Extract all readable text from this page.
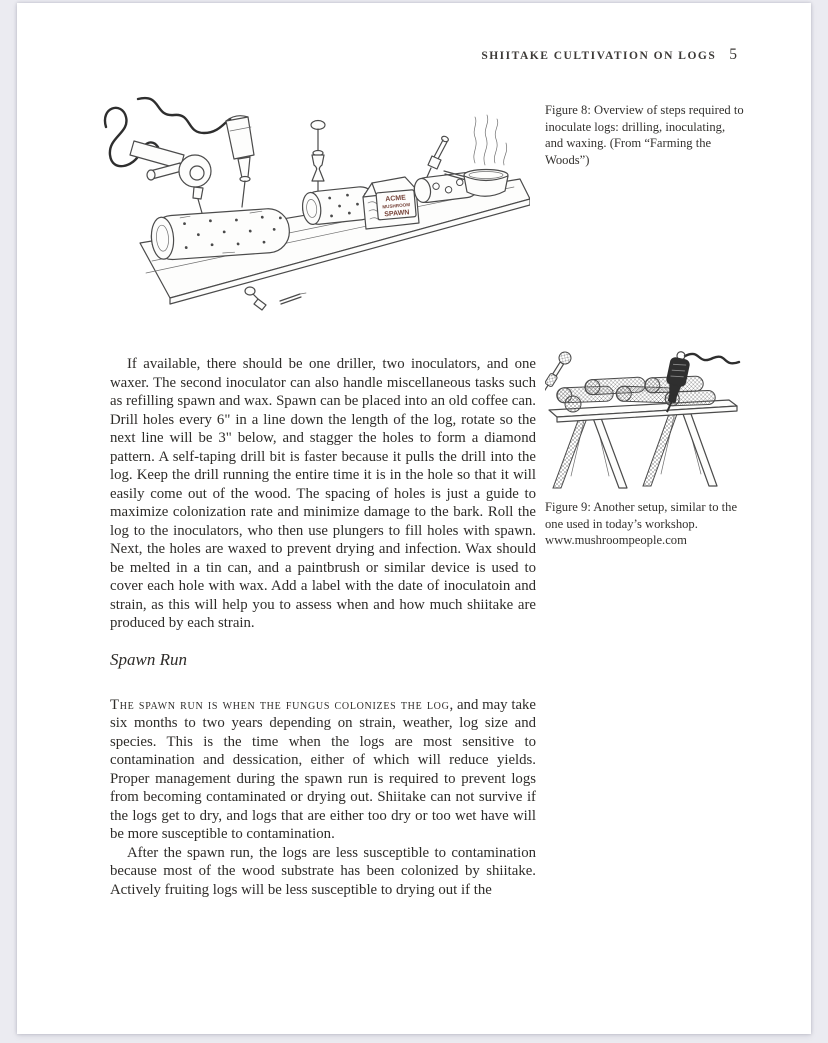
SHIITAKE CULTIVATION ON LOGS 5
ACME
MUSHROOM
SPAWN
Figure 8: Overview of steps required to inoculate logs: drilling, inoculating, and waxing. (From “Farming the Woods”)

If available, there should be one driller, two inoculators, and one waxer. The second inoculator can also handle miscellaneous tasks such as refilling spawn and wax. Spawn can be placed into an old coffee can. Drill holes every 6" in a line down the length of the log, rotate so the next line will be 3" below, and stagger the holes to form a diamond pattern. A self-taping drill bit is faster because it pulls the drill into the log. Keep the drill running the entire time it is in the hole so that it will easily come out of the wood. The spacing of holes is just a guide to maximize colonization rate and minimize damage to the bark. Roll the log to the inoculators, who then use plungers to fill holes with spawn. Next, the holes are waxed to prevent drying and infection. Wax should be melted in a tin can, and a paintbrush or similar device is used to cover each hole with wax. Add a label with the date of inoculatoin and strain, as this will help you to assess when and how much shiitake are produced by each strain.

Spawn Run

The spawn run is when the fungus colonizes the log, and may take six months to two years depending on strain, weather, log size and species. This is the time when the logs are most sensitive to contamination and dessication, either of which will reduce yields. Proper management during the spawn run is required to prevent logs from becoming contaminated or drying out. Shiitake can not survive if the logs get to dry, and logs that are either too dry or too wet have will be more susceptible to contamination.

After the spawn run, the logs are less susceptible to contamination because most of the wood substrate has been colonized by shiitake. Actively fruiting logs will be less susceptible to drying out if the

Figure 9: Another setup, similar to the one used in today’s workshop.
www.mushroompeople.com
